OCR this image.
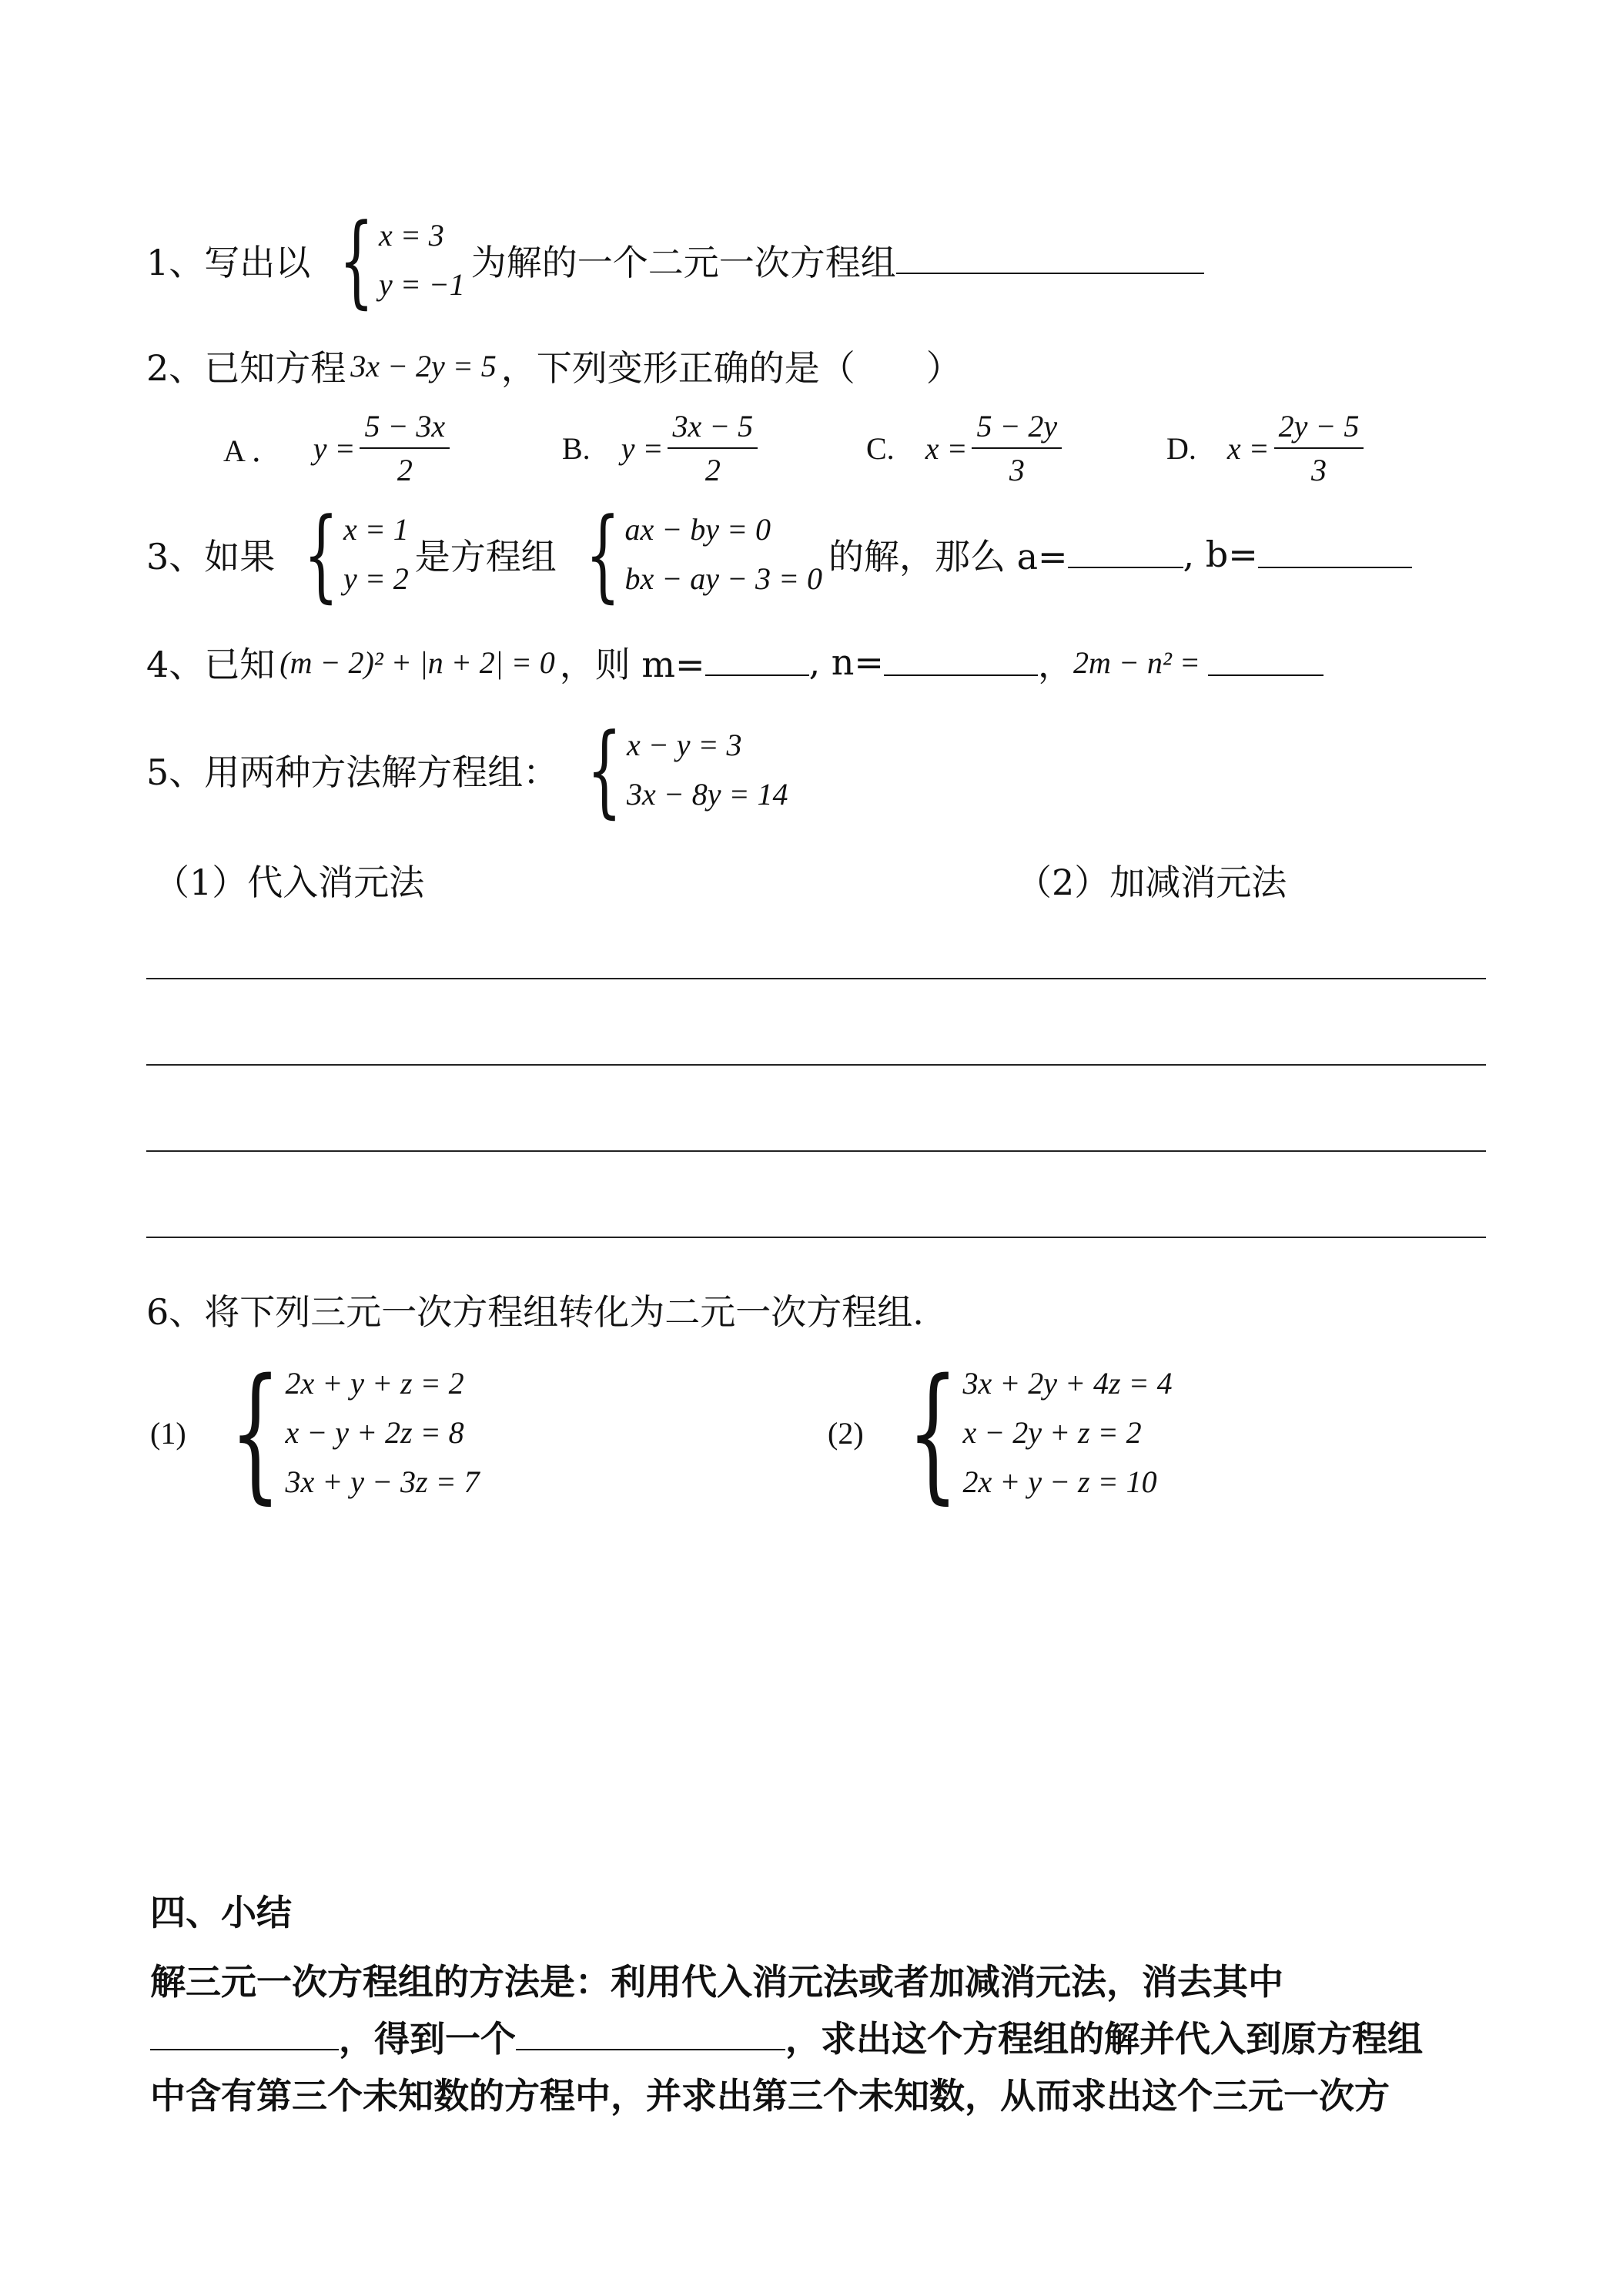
1、写出以 { x = 3
y = −1
为解的一个二元一次方程组
2、已知方程 3x − 2y = 5 ，下列变形正确的是（　　）
A ． $y = \frac{5 - 3x}{2}$	B. $y = \frac{3x - 5}{2}$	C. $x = \frac{5 - 2y}{3}$	D. $x = \frac{2y - 5}{3}$
3、如果 { x = 1
y = 2
是方程组 { ax − by = 0
bx − ay − 3 = 0
的解，那么 a=	, b=
4、已知 (m − 2)² + |n + 2| = 0 ，则 m=	, n=	， 2m − n² =
5、用两种方法解方程组： { x − y = 3
3x − 8y = 14
（1）代入消元法	（2）加减消元法
6、将下列三元一次方程组转化为二元一次方程组.
(1) { 2x + y + z = 2
x − y + 2z = 8
3x + y − 3z = 7
(2) { 3x + 2y + 4z = 4
x − 2y + z = 2
2x + y − z = 10
四、小结
解三元一次方程组的方法是：利用代入消元法或者加减消元法，消去其中
，得到一个	，求出这个方程组的解并代入到原方程组
中含有第三个未知数的方程中，并求出第三个未知数，从而求出这个三元一次方
